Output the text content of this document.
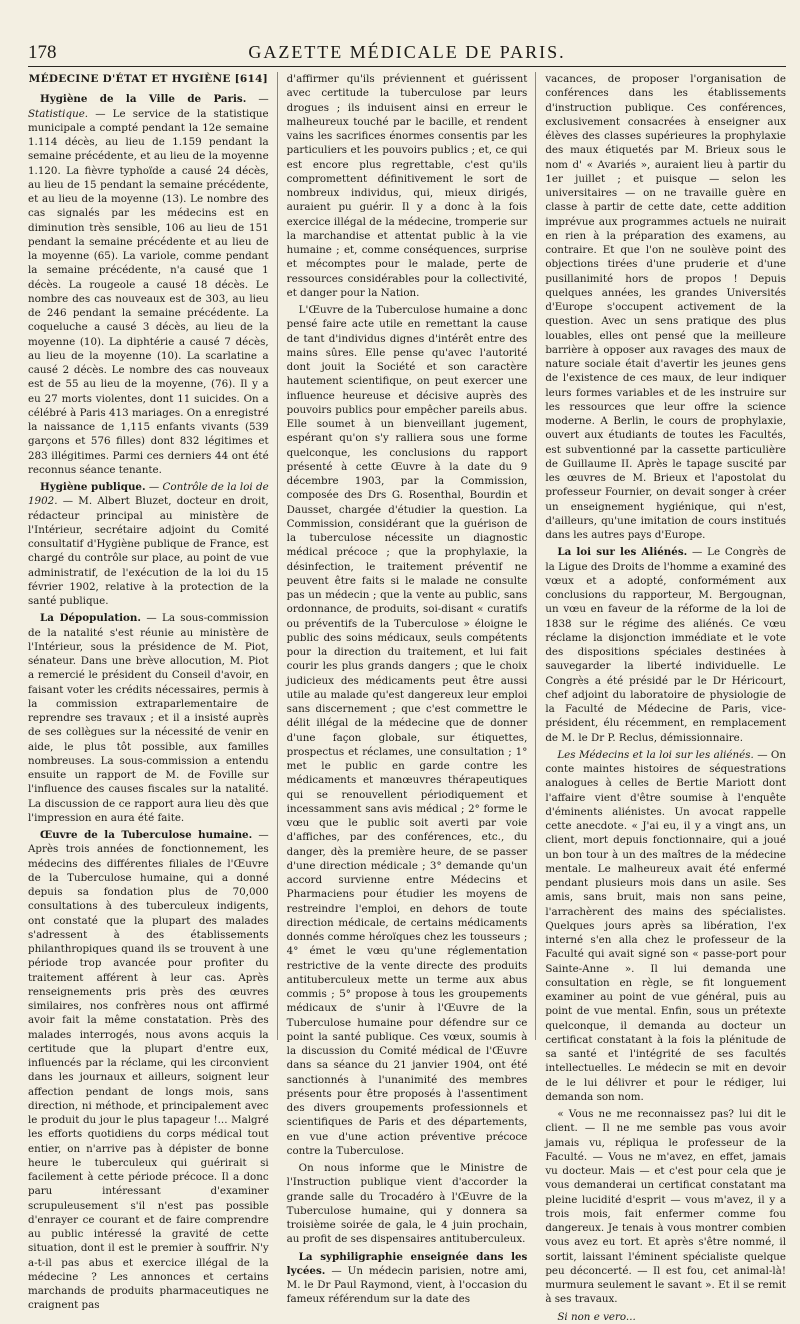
178	GAZETTE MÉDICALE DE PARIS.
MÉDECINE D'ÉTAT ET HYGIÈNE [614]

Hygiène de la Ville de Paris. — Statistique. — Le service de la statistique municipale a compté pendant la 12e semaine 1.114 décès, au lieu de 1.159 pendant la semaine précédente, et au lieu de la moyenne 1.120. La fièvre typhoïde a causé 24 décès, au lieu de 15 pendant la semaine précédente, et au lieu de la moyenne (13). Le nombre des cas signalés par les médecins est en diminution très sensible, 106 au lieu de 151 pendant la semaine précédente et au lieu de la moyenne (65). La variole, comme pendant la semaine précédente, n'a causé que 1 décès. La rougeole a causé 18 décès. Le nombre des cas nouveaux est de 303, au lieu de 246 pendant la semaine précédente. La coqueluche a causé 3 décès, au lieu de la moyenne (10). La diphtérie a causé 7 décès, au lieu de la moyenne (10). La scarlatine a causé 2 décès. Le nombre des cas nouveaux est de 55 au lieu de la moyenne, (76). Il y a eu 27 morts violentes, dont 11 suicides. On a célébré à Paris 413 mariages. On a enregistré la naissance de 1,115 enfants vivants (539 garçons et 576 filles) dont 832 légitimes et 283 illégitimes. Parmi ces derniers 44 ont été reconnus séance tenante.

Hygiène publique. — Contrôle de la loi de 1902. — M. Albert Bluzet, docteur en droit, rédacteur principal au ministère de l'Intérieur, secrétaire adjoint du Comité consultatif d'Hygiène publique de France, est chargé du contrôle sur place, au point de vue administratif, de l'exécution de la loi du 15 février 1902, relative à la protection de la santé publique.

La Dépopulation. — La sous-commission de la natalité s'est réunie au ministère de l'Intérieur, sous la présidence de M. Piot, sénateur. Dans une brève allocution, M. Piot a remercié le président du Conseil d'avoir, en faisant voter les crédits nécessaires, permis à la commission extraparlementaire de reprendre ses travaux ; et il a insisté auprès de ses collègues sur la nécessité de venir en aide, le plus tôt possible, aux familles nombreuses. La sous-commission a entendu ensuite un rapport de M. de Foville sur l'influence des causes fiscales sur la natalité. La discussion de ce rapport aura lieu dès que l'impression en aura été faite.

Œuvre de la Tuberculose humaine. — Après trois années de fonctionnement, les médecins des différentes filiales de l'Œuvre de la Tuberculose humaine, qui a donné depuis sa fondation plus de 70,000 consultations à des tuberculeux indigents, ont constaté que la plupart des malades s'adressent à des établissements philanthropiques quand ils se trouvent à une période trop avancée pour profiter du traitement afférent à leur cas. Après renseignements pris près des œuvres similaires, nos confrères nous ont affirmé avoir fait la même constatation. Près des malades interrogés, nous avons acquis la certitude que la plupart d'entre eux, influencés par la réclame, qui les circonvient dans les journaux et ailleurs, soignent leur affection pendant de longs mois, sans direction, ni méthode, et principalement avec le produit du jour le plus tapageur !... Malgré les efforts quotidiens du corps médical tout entier, on n'arrive pas à dépister de bonne heure le tuberculeux qui guérirait si facilement à cette période précoce. Il a donc paru intéressant d'examiner scrupuleusement s'il n'est pas possible d'enrayer ce courant et de faire comprendre au public intéressé la gravité de cette situation, dont il est le premier à souffrir. N'y a-t-il pas abus et exercice illégal de la médecine ? Les annonces et certains marchands de produits pharmaceutiques ne craignent pas

d'affirmer qu'ils préviennent et guérissent avec certitude la tuberculose par leurs drogues ; ils induisent ainsi en erreur le malheureux touché par le bacille, et rendent vains les sacrifices énormes consentis par les particuliers et les pouvoirs publics ; et, ce qui est encore plus regrettable, c'est qu'ils compromettent définitivement le sort de nombreux individus, qui, mieux dirigés, auraient pu guérir. Il y a donc à la fois exercice illégal de la médecine, tromperie sur la marchandise et attentat public à la vie humaine ; et, comme conséquences, surprise et mécomptes pour le malade, perte de ressources considérables pour la collectivité, et danger pour la Nation.

L'Œuvre de la Tuberculose humaine a donc pensé faire acte utile en remettant la cause de tant d'individus dignes d'intérêt entre des mains sûres. Elle pense qu'avec l'autorité dont jouit la Société et son caractère hautement scientifique, on peut exercer une influence heureuse et décisive auprès des pouvoirs publics pour empêcher pareils abus. Elle soumet à un bienveillant jugement, espérant qu'on s'y ralliera sous une forme quelconque, les conclusions du rapport présenté à cette Œuvre à la date du 9 décembre 1903, par la Commission, composée des Drs G. Rosenthal, Bourdin et Dausset, chargée d'étudier la question. La Commission, considérant que la guérison de la tuberculose nécessite un diagnostic médical précoce ; que la prophylaxie, la désinfection, le traitement préventif ne peuvent être faits si le malade ne consulte pas un médecin ; que la vente au public, sans ordonnance, de produits, soi-disant « curatifs ou préventifs de la Tuberculose » éloigne le public des soins médicaux, seuls compétents pour la direction du traitement, et lui fait courir les plus grands dangers ; que le choix judicieux des médicaments peut être aussi utile au malade qu'est dangereux leur emploi sans discernement ; que c'est commettre le délit illégal de la médecine que de donner d'une façon globale, sur étiquettes, prospectus et réclames, une consultation ; 1° met le public en garde contre les médicaments et manœuvres thérapeutiques qui se renouvellent périodiquement et incessamment sans avis médical ; 2° forme le vœu que le public soit averti par voie d'affiches, par des conférences, etc., du danger, dès la première heure, de se passer d'une direction médicale ; 3° demande qu'un accord survienne entre Médecins et Pharmaciens pour étudier les moyens de restreindre l'emploi, en dehors de toute direction médicale, de certains médicaments donnés comme héroïques chez les tousseurs ; 4° émet le vœu qu'une réglementation restrictive de la vente directe des produits antituberculeux mette un terme aux abus commis ; 5° propose à tous les groupements médicaux de s'unir à l'Œuvre de la Tuberculose humaine pour défendre sur ce point la santé publique. Ces vœux, soumis à la discussion du Comité médical de l'Œuvre dans sa séance du 21 janvier 1904, ont été sanctionnés à l'unanimité des membres présents pour être proposés à l'assentiment des divers groupements professionnels et scientifiques de Paris et des départements, en vue d'une action préventive précoce contre la Tuberculose.

On nous informe que le Ministre de l'Instruction publique vient d'accorder la grande salle du Trocadéro à l'Œuvre de la Tuberculose humaine, qui y donnera sa troisième soirée de gala, le 4 juin prochain, au profit de ses dispensaires antituberculeux.

La syphiligraphie enseignée dans les lycées. — Un médecin parisien, notre ami, M. le Dr Paul Raymond, vient, à l'occasion du fameux référendum sur la date des

vacances, de proposer l'organisation de conférences dans les établissements d'instruction publique. Ces conférences, exclusivement consacrées à enseigner aux élèves des classes supérieures la prophylaxie des maux étiquetés par M. Brieux sous le nom d' « Avariés », auraient lieu à partir du 1er juillet ; et puisque — selon les universitaires — on ne travaille guère en classe à partir de cette date, cette addition imprévue aux programmes actuels ne nuirait en rien à la préparation des examens, au contraire. Et que l'on ne soulève point des objections tirées d'une pruderie et d'une pusillanimité hors de propos ! Depuis quelques années, les grandes Universités d'Europe s'occupent activement de la question. Avec un sens pratique des plus louables, elles ont pensé que la meilleure barrière à opposer aux ravages des maux de nature sociale était d'avertir les jeunes gens de l'existence de ces maux, de leur indiquer leurs formes variables et de les instruire sur les ressources que leur offre la science moderne. A Berlin, le cours de prophylaxie, ouvert aux étudiants de toutes les Facultés, est subventionné par la cassette particulière de Guillaume II. Après le tapage suscité par les œuvres de M. Brieux et l'apostolat du professeur Fournier, on devait songer à créer un enseignement hygiénique, qui n'est, d'ailleurs, qu'une imitation de cours institués dans les autres pays d'Europe.

La loi sur les Aliénés. — Le Congrès de la Ligue des Droits de l'homme a examiné des vœux et a adopté, conformément aux conclusions du rapporteur, M. Bergougnan, un vœu en faveur de la réforme de la loi de 1838 sur le régime des aliénés. Ce vœu réclame la disjonction immédiate et le vote des dispositions spéciales destinées à sauvegarder la liberté individuelle. Le Congrès a été présidé par le Dr Héricourt, chef adjoint du laboratoire de physiologie de la Faculté de Médecine de Paris, vice-président, élu récemment, en remplacement de M. le Dr P. Reclus, démissionnaire.

Les Médecins et la loi sur les aliénés. — On conte maintes histoires de séquestrations analogues à celles de Bertie Mariott dont l'affaire vient d'être soumise à l'enquête d'éminents aliénistes. Un avocat rappelle cette anecdote. « J'ai eu, il y a vingt ans, un client, mort depuis fonctionnaire, qui a joué un bon tour à un des maîtres de la médecine mentale. Le malheureux avait été enfermé pendant plusieurs mois dans un asile. Ses amis, sans bruit, mais non sans peine, l'arrachèrent des mains des spécialistes. Quelques jours après sa libération, l'ex interné s'en alla chez le professeur de la Faculté qui avait signé son « passe-port pour Sainte-Anne ». Il lui demanda une consultation en règle, se fit longuement examiner au point de vue général, puis au point de vue mental. Enfin, sous un prétexte quelconque, il demanda au docteur un certificat constatant à la fois la plénitude de sa santé et l'intégrité de ses facultés intellectuelles. Le médecin se mit en devoir de le lui délivrer et pour le rédiger, lui demanda son nom.

« Vous ne me reconnaissez pas? lui dit le client. — Il ne me semble pas vous avoir jamais vu, répliqua le professeur de la Faculté. — Vous ne m'avez, en effet, jamais vu docteur. Mais — et c'est pour cela que je vous demanderai un certificat constatant ma pleine lucidité d'esprit — vous m'avez, il y a trois mois, fait enfermer comme fou dangereux. Je tenais à vous montrer combien vous avez eu tort. Et après s'être nommé, il sortit, laissant l'éminent spécialiste quelque peu déconcerté. — Il est fou, cet animal-là! murmura seulement le savant ». Et il se remit à ses travaux.

Si non e vero...
